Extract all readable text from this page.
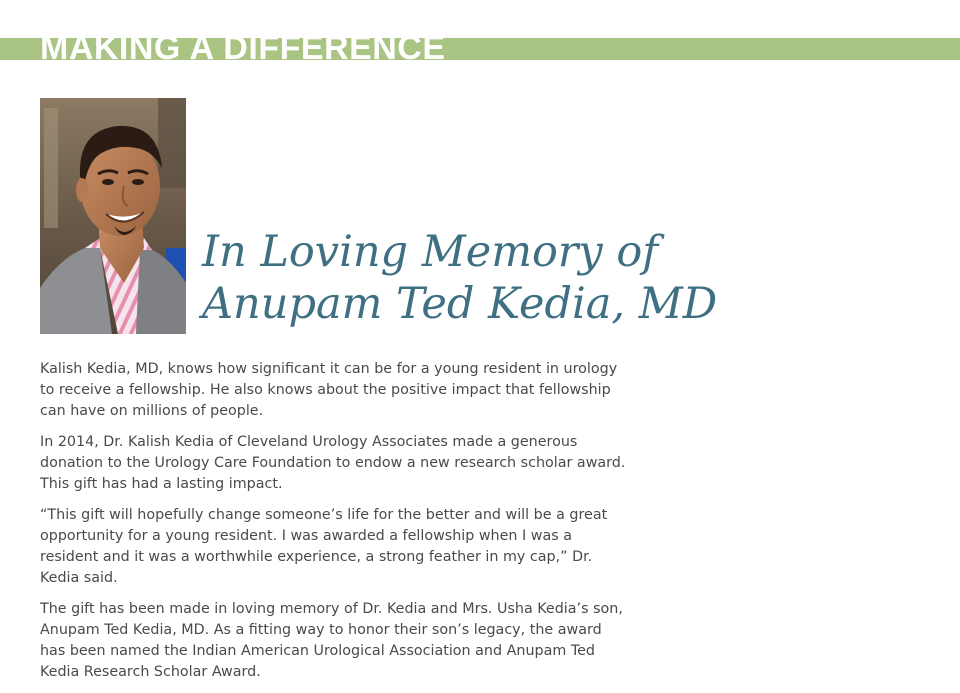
MAKING A DIFFERENCE
In Loving Memory of
Anupam Ted Kedia, MD

Kalish Kedia, MD, knows how significant it can be for a young resident in urology to receive a fellowship. He also knows about the positive impact that fellowship can have on millions of people.

In 2014, Dr. Kalish Kedia of Cleveland Urology Associates made a generous donation to the Urology Care Foundation to endow a new research scholar award. This gift has had a lasting impact.

“This gift will hopefully change someone’s life for the better and will be a great opportunity for a young resident. I was awarded a fellowship when I was a resident and it was a worthwhile experience, a strong feather in my cap,” Dr. Kedia said.

The gift has been made in loving memory of Dr. Kedia and Mrs. Usha Kedia’s son, Anupam Ted Kedia, MD. As a fitting way to honor their son’s legacy, the award has been named the Indian American Urological Association and Anupam Ted Kedia Research Scholar Award.
